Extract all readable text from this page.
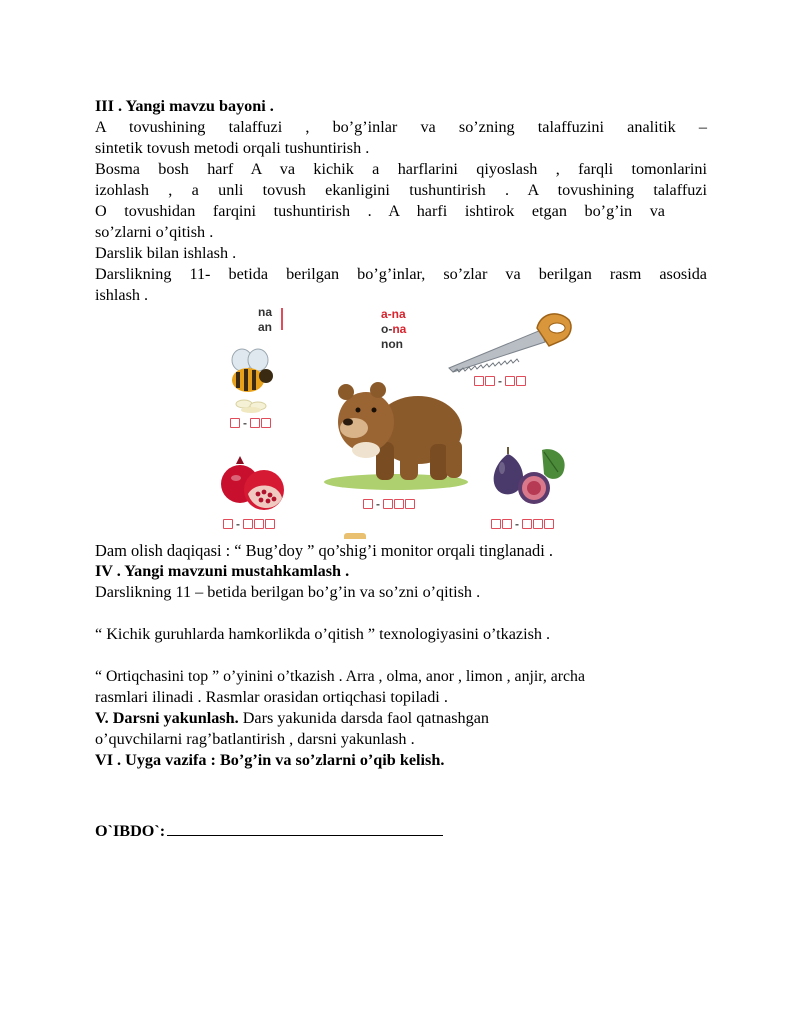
III . Yangi mavzu bayoni .
A tovushining talaffuzi , bo’g’inlar va so’zning talaffuzini analitik –
sintetik tovush metodi orqali tushuntirish .
Bosma bosh harf A va kichik a harflarini qiyoslash , farqli tomonlarini
izohlash , a unli tovush ekanligini tushuntirish . A tovushining talaffuzi
O tovushidan farqini tushuntirish . A harfi ishtirok etgan bo’g’in va
so’zlarni o’qitish .
Darslik bilan ishlash .
Darslikning 11- betida berilgan bo’g’inlar, so’zlar va berilgan rasm asosida
ishlash .
na
an
a-na
o-na
non
-
-
-
-	-
Dam olish daqiqasi : “ Bug’doy ” qo’shig’i monitor orqali tinglanadi .
IV . Yangi mavzuni mustahkamlash .
Darslikning 11 – betida berilgan bo’g’in va so’zni o’qitish .
“ Kichik guruhlarda hamkorlikda o’qitish ” texnologiyasini o’tkazish .
“ Ortiqchasini top ” o’yinini o’tkazish . Arra , olma, anor , limon , anjir, archa
rasmlari ilinadi . Rasmlar orasidan ortiqchasi topiladi .
V. Darsni yakunlash. Dars yakunida darsda faol qatnashgan
o’quvchilarni rag’batlantirish , darsni yakunlash .
VI . Uyga vazifa : Bo’g’in va so’zlarni o’qib kelish.
O`IBDO`:
